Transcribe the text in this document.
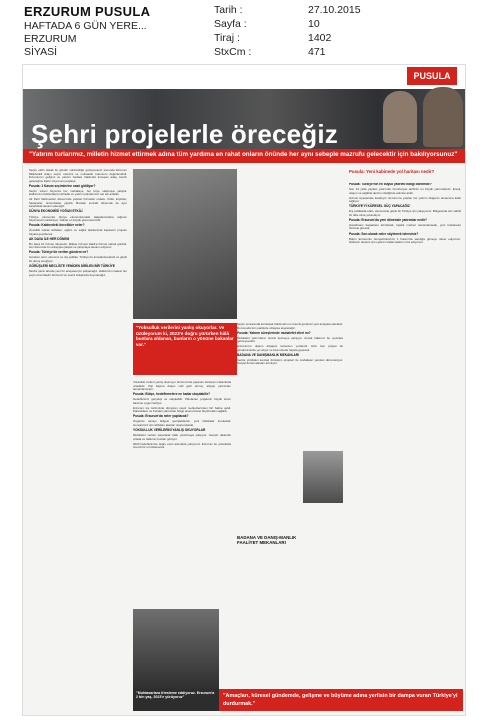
ERZURUM PUSULA
HAFTADA 6 GÜN YERE...
ERZURUM
SİYASİ
Tarih :
Sayfa :
Tiraj :
StxCm :
27.10.2015
10
1402
471
PUSULA
Şehri projelerle öreceğiz
"Yatırım turlarımız, milletin hizmet ettirmek adına tüm yardıma en rahat onların önünde her aynı sebeple mazrufu gelecektir için bakılıyorsunuz"

Seçim ekibi olarak iki gündür sürdürdüğü görüşmelerin sonunda Erzurum Milletvekili Adayı seçim sürecini ve muhalefet tutumunu değerlendirdi. Erzurum'un gelişimi ve yatırım haritası hakkında konuşan aday, kentin geleceğine ilişkin vizyonunu paylaştı.

Pusula: 1 Kasım seçimlerine nasıl gidiliyor?

Seçim süreci boyunca her mahalleye, her köye ulaşmaya çalıştık. Halkımızın beklentilerini dinledik ve yatırım planlarımızı tek tek anlattık.

Ak Parti hükümetleri döneminde yapılan hizmetler ortada. Yollar, köprüler, hastaneler, üniversiteler yapıldı. Bundan sonraki dönemde de aynı kararlılıkla devam edeceğiz.

DÜNYA EKONOMİSİ YOĞUN ETKİLİ

Türkiye ekonomisi dünya ekonomisindeki dalgalanmalara rağmen büyümesini sürdürüyor. İstikrar en büyük güvencemizdir.

Pusula: Kabinedeki öncelikler neler?

Öncelikli olarak istihdam, eğitim ve sağlık alanlarında kapsamlı projeler hayata geçirilecek.

AK DAVA İLE HER DÖNEM

Bu dava bir hizmet davasıdır. Millete hizmeti Hakk'a hizmet olarak gördük. Her dönemde bu anlayışla çalıştık ve çalışmaya devam ediyoruz.

Pusula: Türkiye'de verilen gündem ne?

Gündem terör, ekonomi ve dış politika. Türkiye bu konularda kararlı ve güçlü bir duruş sergiliyor.

GÖRÜŞLERİ MECLİSTE YENİDEN DİRİLEN BİR TÜRKİYE

Meclis çatısı altında yeni bir anayasa için çalışacağız. Halkımızın iradesi her şeyin üzerindedir. Erzurum'un sesini Ankara'da duyuracağız.

"Yoksulluk verilerini yanlış okuyorlar. Ve üzüleyorum ki, 2023'e doğru yürürken hâlâ bunlara aldanan, bunların o yönüne bakanlar var."

Yoksulluk verileri yanlış okunuyor. Erzurum'da yaşanan dönüşüm rakamlarla ortadadır. Kişi başına düşen milli gelir artmış, altyapı yatırımları tamamlanmıştır.

Pusula: Bütçe, hedeflemelere ne kadar ulaşılabilir?

Hedeflerimiz gerçekçi ve ulaşılabilir. Planlanan projelerin büyük kısmı takvime uygun ilerliyor.

Erzurum kış turizminde dünyanın sayılı merkezlerinden biri haline geldi. Palandöken ve Konaklı yatırımları bölge ekonomisine büyük katkı sağladı.

Pusula: Erzurum'da neler yapılacak?

Organize sanayi bölgesi genişletilecek, yeni fabrikalar kurulacak. Gençlerimiz için istihdam alanları oluşturulacak.

YOKSULLUK VERİLERİNİ YANLIŞ OKUYORLAR

Muhalefet verileri çarpıtarak halkı yanıltmaya çalışıyor. Gerçek rakamlar ortada ve halkımız bunları görüyor.

2023 hedeflerimize doğru emin adımlarla yürüyoruz. Erzurum bu yolculukta önemli bir rol üstlenecek.

Seçim sonrasında kurulacak hükümetin en önemli gündemi yeni anayasa olacaktır. Bu konuda tüm partilerle uzlaşma arayacağız.

Pusula: Yatırım süreçlerinde muhalefet elleri mı?

Muhalefet yatırımların önünü kesmeye çalışıyor. Ancak halkımız bu oyunlara gelmeyecektir.

Erzurum'un ulaşım altyapısı tamamen yenilendi. Hızlı tren projesi de gündemimizde yer alıyor ve kısa sürede hayata geçecek.

BADANA VE DANIŞMANLIK MEKANLARI

Kentte yürütülen kentsel dönüşüm projeleri ile mahalleler yeniden düzenleniyor. Sosyal donatı alanları artırılıyor.

"Muhtasarlara friesleme eddiyoruz. Erzurum'a 2 bin yaş, 2023'e yürüyoruz"
BADANA VE DANIŞ-MANLIK FAALİYET MEKANLARI
Pusula: Yeni kabinede yol haritası nedir?

Pusula: Türkiye'nin en büyük yatırımı hangi dönemde?

Son 13 yılda yapılan yatırımlar Cumhuriyet tarihinin en büyük yatırımlarıdır. Enerji, ulaşım ve sağlıkta devrim niteliğinde adımlar atıldı.

Hizmet siyasetinde kararlıyız. Erzurum'a yapılan her yatırım bölgenin tamamına katkı sağlıyor.

TÜRKİYE'Yİ KÜRESEL GÜÇ YAPACAĞIZ

Dış politikada etkin, ekonomide güçlü bir Türkiye için çalışıyoruz. Bölgesinde söz sahibi bir ülke olma yolundayız.

Pusula: Erzurum'da yeni dönemde yatırımlar nedir?

Havalimanı kapasitesi artırılacak, lojistik merkez tamamlanacak, yeni hastaneler hizmete girecek.

Pusula: Son olarak neler söylemek istersiniz?

Bütün Erzurumlu hemşehrilerimizi 1 Kasım'da sandığa gitmeye davet ediyorum. İstikrarın devamı için oylarını kullanmalarını rica ediyorum.

"Amaçları, küresel gündemde, gelişme ve büyüme adına yerlisin bir dampa vuran Türkiye'yi durdurmak."
